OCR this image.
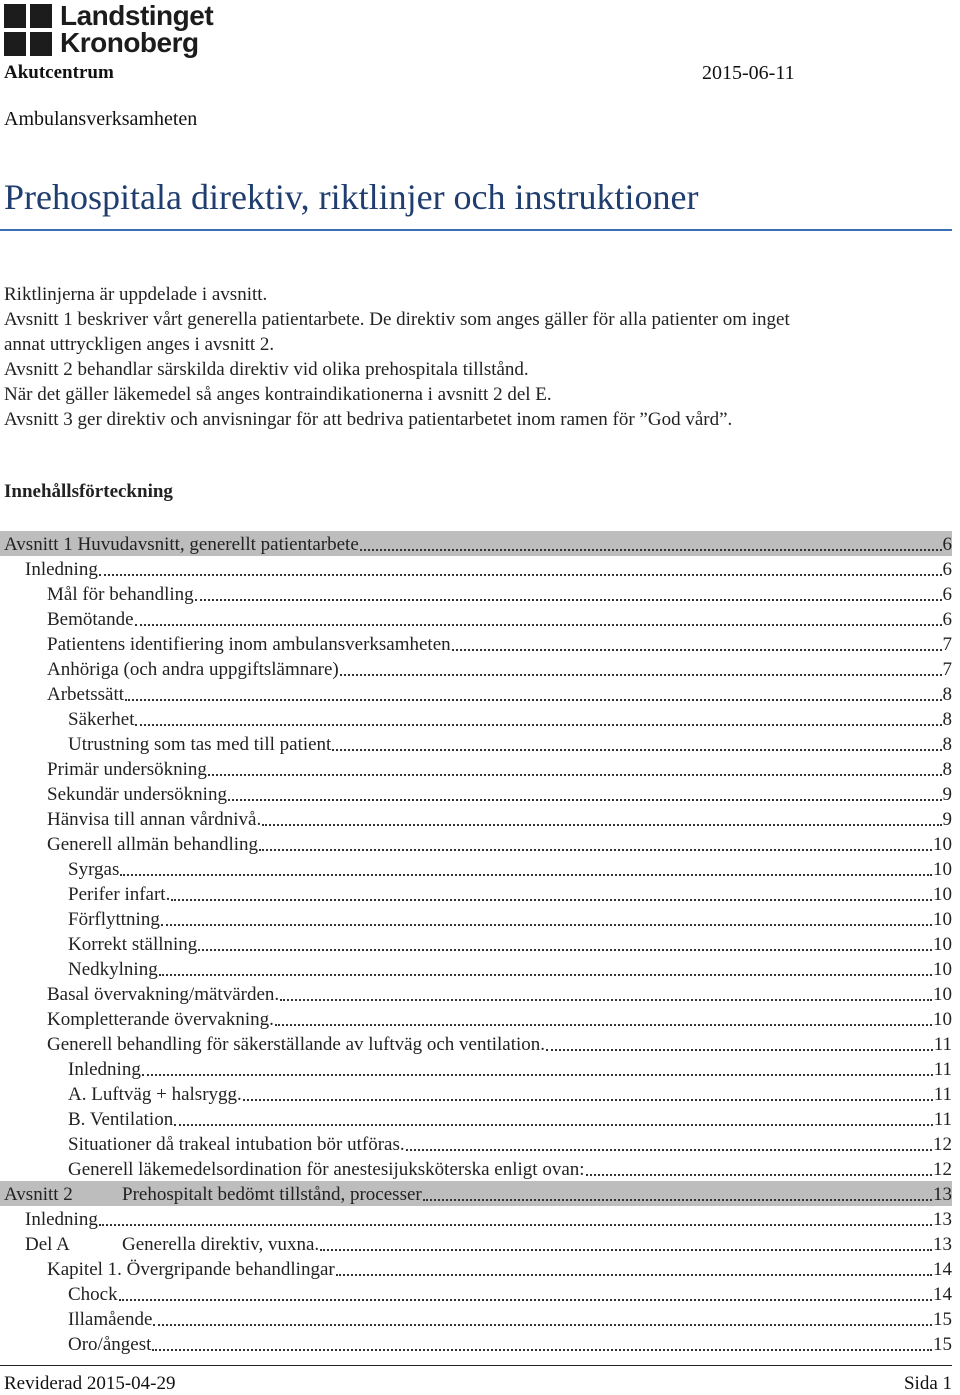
Landstinget
Kronoberg
Akutcentrum	2015-06-11
Ambulansverksamheten
Prehospitala direktiv, riktlinjer och instruktioner
Riktlinjerna är uppdelade i avsnitt.
Avsnitt 1 beskriver vårt generella patientarbete. De direktiv som anges gäller för alla patienter om inget
annat uttryckligen anges i avsnitt 2.
Avsnitt 2 behandlar särskilda direktiv vid olika prehospitala tillstånd.
När det gäller läkemedel så anges kontraindikationerna i avsnitt 2 del E.
Avsnitt 3 ger direktiv och anvisningar för att bedriva patientarbetet inom ramen för ”God vård”.
Innehållsförteckning
Avsnitt 1 Huvudavsnitt, generellt patientarbete	6
Inledning	6
Mål för behandling	6
Bemötande	6
Patientens identifiering inom ambulansverksamheten	7
Anhöriga (och andra uppgiftslämnare)	7
Arbetssätt	8
Säkerhet	8
Utrustning som tas med till patient	8
Primär undersökning	8
Sekundär undersökning	9
Hänvisa till annan vårdnivå.	9
Generell allmän behandling	10
Syrgas	10
Perifer infart.	10
Förflyttning	10
Korrekt ställning	10
Nedkylning	10
Basal övervakning/mätvärden.	10
Kompletterande övervakning.	10
Generell behandling för säkerställande av luftväg och ventilation.	11
Inledning	11
A. Luftväg + halsrygg.	11
B. Ventilation	11
Situationer då trakeal intubation bör utföras.	12
Generell läkemedelsordination för anestesijuksköterska enligt ovan:	12
Avsnitt 2	Prehospitalt bedömt tillstånd, processer	13
Inledning	13
Del A	Generella direktiv, vuxna.	13
Kapitel 1. Övergripande behandlingar	14
Chock	14
Illamående	15
Oro/ångest	15
Reviderad 2015-04-29	Sida 1
